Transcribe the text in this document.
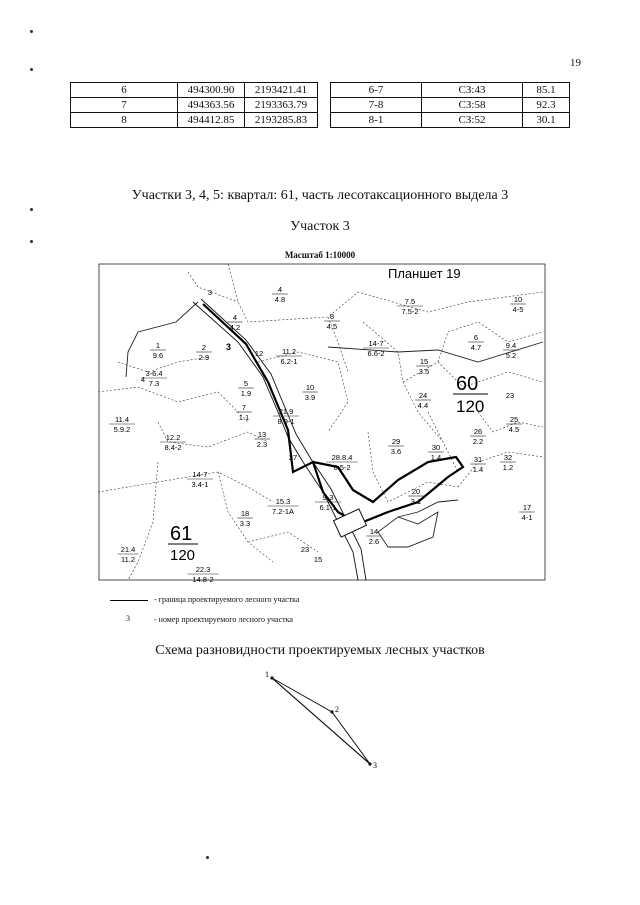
19
6	494300.90	2193421.41
7	494363.56	2193363.79
8	494412.85	2193285.83
6-7	СЗ:43	85.1
7-8	СЗ:58	92.3
8-1	СЗ:52	30.1
Участки 3, 4, 5: квартал: 61, часть лесотаксационного выдела 3
Участок 3
Масштаб 1:10000
Планшет 19
3
60
120
61
120
3	4
4.8
4
4.2
8
4.5
7.5
7.5-2
10
4-5
1
9.6
2
2.9	12	11.2
6.2-1
14-7
6.6-2
6
4.7	9.4
5.2
3-6.4
7.3
4	5
1.9
10
3.9
15
3.5
24
4.4
23
11.4
5.9.2
7
1.1
21.9
8.9-1	25
4.5
12.2
8.4-2
13
2.3
26
2.2
27	28.8.4
6.5-2
29
3.6	30
1.4	31
1.4
32
1.2
14-7
3.4-1
18
3.3
15.3
7.2-1А
9-3
6.1-1
20
3.1
17
4-1
14
2.6
21.4
11.2
22.3
14.8-2
23
15
- граница проектируемого лесного участка
3	- номер проектируемого лесного участка
Схема разновидности проектируемых лесных участков
1
2
3
